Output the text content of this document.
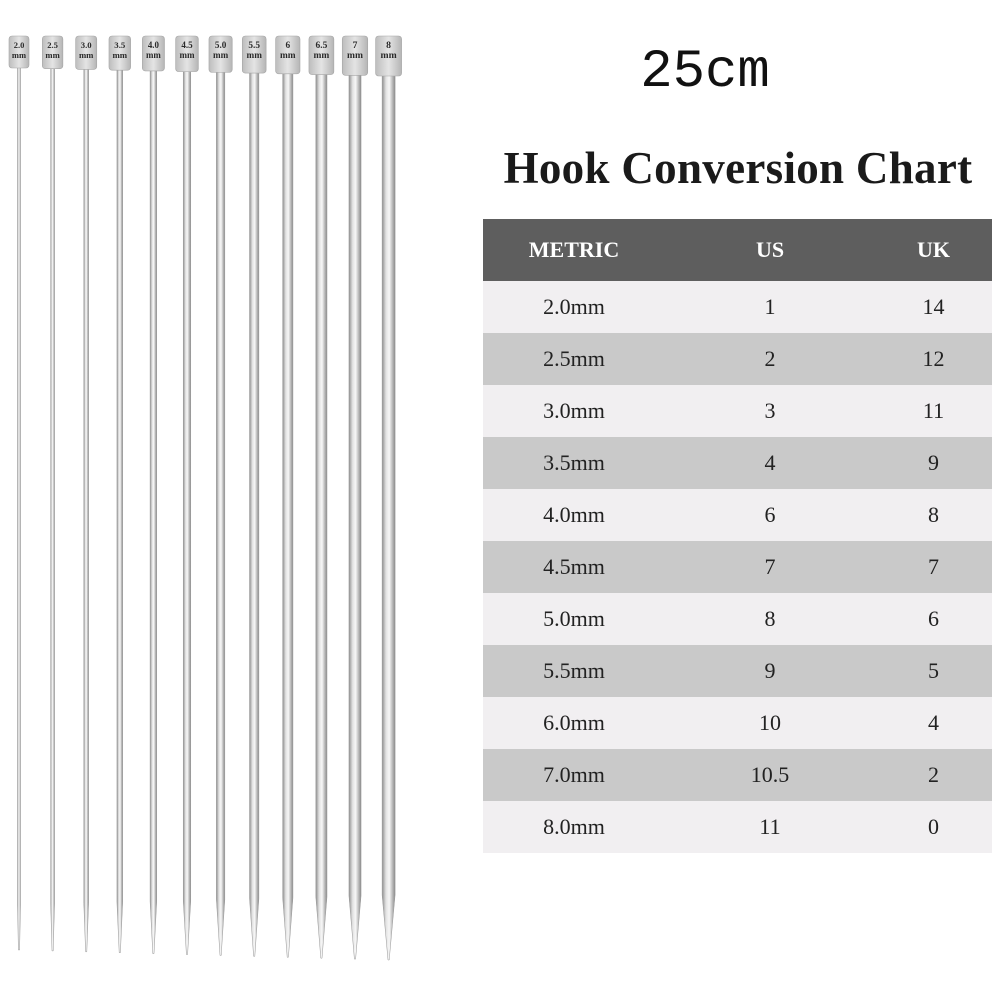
2.0
mm
2.5
mm
3.0
mm
3.5
mm
4.0
mm
4.5
mm
5.0
mm
5.5
mm
6
mm
6.5
mm
7
mm
8
mm	25cm
Hook Conversion Chart
METRIC	US	UK
2.0mm	1	14
2.5mm	2	12
3.0mm	3	11
3.5mm	4	9
4.0mm	6	8
4.5mm	7	7
5.0mm	8	6
5.5mm	9	5
6.0mm	10	4
7.0mm	10.5	2
8.0mm	11	0
